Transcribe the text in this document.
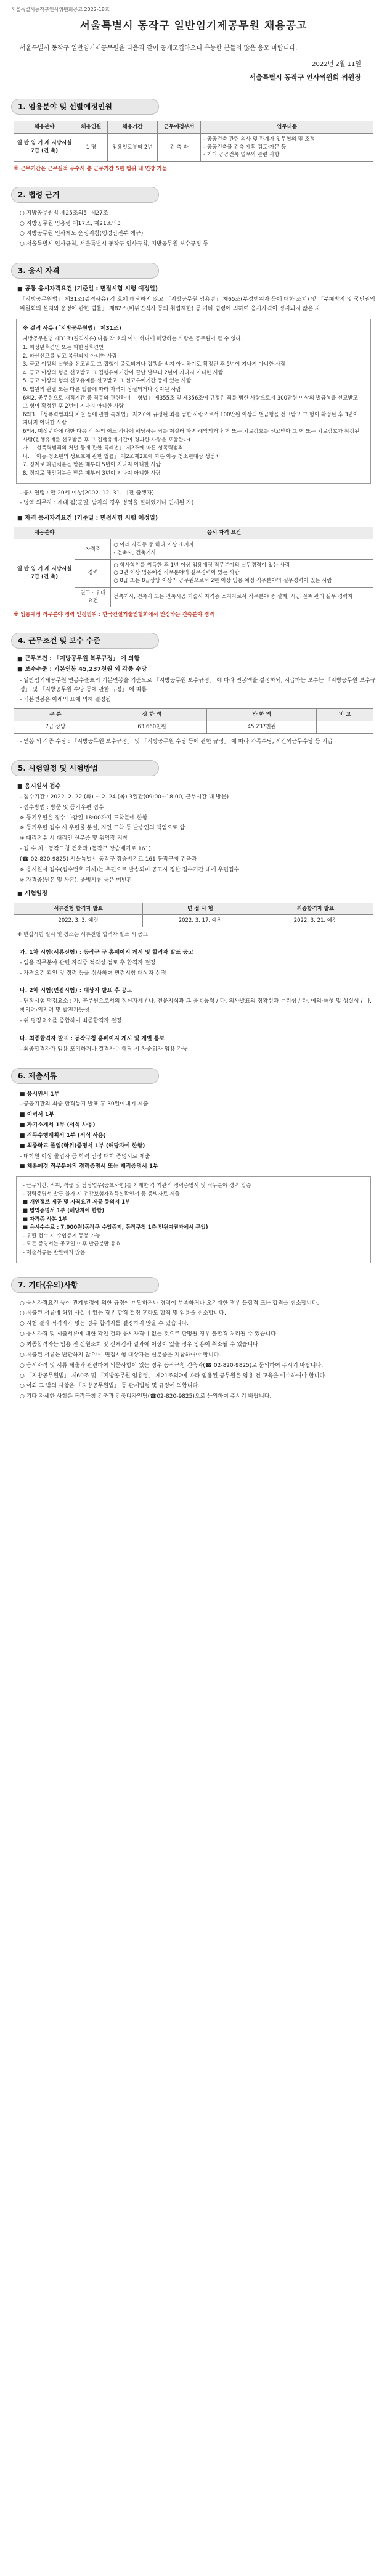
서울특별시동작구인사위원회공고 2022-18호
서울특별시 동작구 일반임기제공무원 채용공고

서울특별시 동작구 일반임기제공무원을 다음과 같이 공개모집하오니 유능한 분들의 많은 응모 바랍니다.

2022년 2월 11일
서울특별시 동작구 인사위원회 위원장
1. 임용분야 및 선발예정인원
채용분야	채용인원	채용기간	근무예정부서	업무내용
일 반 임 기 제 지방시설7급 (건 축)	1 명	임용일로부터 2년	건 축 과	- 공공건축 관련 의사 및 관계자 업무협의 및 조정
- 공공건축물 건축 계획 검토·자문 등
- 기타 공공건축 업무와 관련 사항
※ 근무기간은 근무실적 우수시 총 근무기간 5년 범위 내 연장 가능
2. 법령 근거
○ 지방공무원법 제25조의5, 제27조
○ 지방공무원 임용령 제17조, 제21조의3
○ 지방공무원 인사제도 운영지침(행정안전부 예규)
○ 서울특별시 인사규칙, 서울특별시 동작구 인사규칙, 지방공무원 보수규정 등
3. 응시 자격
■ 공통 응시자격요건 (기준일 : 면접시험 시행 예정일)

「지방공무원법」 제31조(결격사유) 각 호에 해당하지 않고 「지방공무원 임용령」 제65조(부정행위자 등에 대한 조치) 및 「부패방지 및 국민권익위원회의 설치와 운영에 관한 법률」 제82조(비위면직자 등의 취업제한) 등 기타 법령에 의하여 응시자격이 정지되지 않은 자

※ 결격 사유 (「지방공무원법」 제31조)
지방공무원법 제31조(결격사유) 다음 각 호의 어느 하나에 해당하는 사람은 공무원이 될 수 없다.
1. 피성년후견인 또는 피한정후견인
2. 파산선고를 받고 복권되지 아니한 사람
3. 금고 이상의 실형을 선고받고 그 집행이 종료되거나 집행을 받지 아니하기로 확정된 후 5년이 지나지 아니한 사람
4. 금고 이상의 형을 선고받고 그 집행유예기간이 끝난 날부터 2년이 지나지 아니한 사람
5. 금고 이상의 형의 선고유예를 선고받고 그 선고유예기간 중에 있는 사람
6. 법원의 판결 또는 다른 법률에 따라 자격이 상실되거나 정지된 사람
6의2. 공무원으로 재직기간 중 직무와 관련하여 「형법」 제355조 및 제356조에 규정된 죄를 범한 사람으로서 300만원 이상의 벌금형을 선고받고 그 형이 확정된 후 2년이 지나지 아니한 사람
6의3. 「성폭력범죄의 처벌 등에 관한 특례법」 제2조에 규정된 죄를 범한 사람으로서 100만원 이상의 벌금형을 선고받고 그 형이 확정된 후 3년이 지나지 아니한 사람
6의4. 미성년자에 대한 다음 각 목의 어느 하나에 해당하는 죄를 저질러 파면·해임되거나 형 또는 치료감호를 선고받아 그 형 또는 치료감호가 확정된 사람(집행유예를 선고받은 후 그 집행유예기간이 경과한 사람을 포함한다)
가. 「성폭력범죄의 처벌 등에 관한 특례법」 제2조에 따른 성폭력범죄
나. 「아동·청소년의 성보호에 관한 법률」 제2조제2호에 따른 아동·청소년대상 성범죄
7. 징계로 파면처분을 받은 때부터 5년이 지나지 아니한 사람
8. 징계로 해임처분을 받은 때부터 3년이 지나지 아니한 사람

- 응시연령 : 만 20세 이상(2002. 12. 31. 이전 출생자)

- 병역 의무자 : 제대 됨(군필, 남자의 경우 병역을 필하였거나 면제된 자)

■ 자격 응시자격요건 (기준일 : 면접시험 시행 예정일)
채용분야	응시 자격 요건	
일 반 임 기 제 지방시설7급 (건 축)	자격증	○ 아래 자격증 중 하나 이상 소지자
- 건축사, 건축기사
	경력	○ 학사학위를 취득한 후 1년 이상 임용예정 직무분야의 실무경력이 있는 사람
○ 3년 이상 임용예정 직무분야의 실무경력이 있는 사람
○ 8급 또는 8급상당 이상의 공무원으로서 2년 이상 임용 예정 직무분야의 실무경력이 있는 사람
	연구 · 우대 요건	건축기사, 건축사 또는 건축시공 기술사 자격증 소지자로서 직무분야 중 설계, 시공 전축 관리 실무 경력자
※ 임용예정 직무분야 경력 인정범위 : 한국건설기술인협회에서 인정하는 건축분야 경력
4. 근무조건 및 보수 수준
■ 근무조건 : 「지방공무원 복무규정」 에 의함
■ 보수수준 : 기본연봉 45,237천원 외 각종 수당

- 일반임기제공무원 연봉수준표의 기본연봉을 기준으로 「지방공무원 보수규정」 에 따라 연봉액을 결정하되, 지급하는 보수는 「지방공무원 보수규정」 및 「지방공무원 수당 등에 관한 규정」 에 따름

- 기본연봉은 아래의 표에 의해 결정됨

구 분	상 한 액	하 한 액	비 고
7급 상당	63,660천원	45,237천원	

- 연봉 외 각종 수당 : 「지방공무원 보수규정」 및 「지방공무원 수당 등에 관한 규정」 에 따라 가족수당, 시간외근무수당 등 지급

5. 시험일정 및 시험방법
■ 응시원서 접수

- 접수기간 : 2022. 2. 22.(화) ~ 2. 24.(목) 3일간(09:00~18:00, 근무시간 내 방문)

- 접수방법 : 방문 및 등기우편 접수

※ 등기우편은 접수 마감일 18:00까지 도착분에 한함

※ 등기우편 접수 시 우편물 분실, 지연 도착 등 발송인의 책임으로 함

※ 대리접수 시 대리인 신분증 및 위임장 지참

- 접 수 처 : 동작구청 건축과 (동작구 장승배기로 161)

(☎ 02-820-9825) 서울특별시 동작구 장승배기로 161 동작구청 건축과

※ 응시원서 접수(접수번호 기재)는 우편으로 발송되며 공고시 정한 접수기간 내에 우편접수

※ 자격증(원본 및 사본), 증빙서류 등은 미반환

■ 시험일정
서류전형 합격자 발표	면 접 시 험	최종합격자 발표
2022. 3. 3. 예정	2022. 3. 17. 예정	2022. 3. 21. 예정
※ 면접시험 일시 및 장소는 서류전형 합격자 발표 시 공고

가. 1차 시험(서류전형) : 동작구 구 홈페이지 게시 및 합격자 발표 공고

- 임용 직무분야 관련 자격증 적격성 검토 후 합격자 결정

- 자격요건 확인 및 경력 등을 심사하여 면접시험 대상자 선정

나. 2차 시험(면접시험) : 대상자 발표 후 공고

- 면접시험 평정요소 : 가. 공무원으로서의 정신자세 / 나. 전문지식과 그 응용능력 / 다. 의사발표의 정확성과 논리성 / 라. 예의·품행 및 성실성 / 마. 창의력·의지력 및 발전가능성

- 위 평정요소를 종합하여 최종합격자 결정

다. 최종합격자 발표 : 동작구청 홈페이지 게시 및 개별 통보

- 최종합격자가 임용 포기하거나 결격사유 해당 시 차순위자 임용 가능

6. 제출서류

■ 응시원서 1부

- 공공기관의 최종 합격통지 발표 후 30일이내에 제출

■ 이력서 1부

■ 자기소개서 1부 (서식 사용)

■ 직무수행계획서 1부 (서식 사용)

■ 최종학교 졸업(학위)증명서 1부 (해당자에 한함)

- 대학원 이상 졸업자 등 학력 인정 대학 증명서로 제출

■ 채용예정 직무분야의 경력증명서 또는 재직증명서 1부

- 근무기간, 직위, 직급 및 담당업무(중요사항)를 기재한 각 기관의 경력증명서 및 직무분야 경력 입증
- 경력증명서 발급 불가 시 건강보험자격득실확인서 등 증빙자료 제출
■ 개인정보 제공 및 자격요건 제공 동의서 1부
■ 병역증명서 1부 (해당자에 한함)
■ 자격증 사본 1부
■ 응시수수료 : 7,000원(동작구 수입증지, 동작구청 1층 민원여권과에서 구입)
- 우편 접수 시 수입증지 동봉 가능
- 모든 증명서는 공고일 이후 발급분만 유효
- 제출서류는 반환하지 않음
7. 기타(유의)사항

○ 응시자격요건 등이 관계법령에 의한 규정에 미달하거나 경력이 부족하거나 오기재한 경우 불합격 또는 합격을 취소합니다.

○ 제출된 서류에 허위 사실이 있는 경우 합격 결정 후라도 합격 및 임용을 취소합니다.

○ 시험 결과 적격자가 없는 경우 합격자를 결정하지 않을 수 있습니다.

○ 응시자격 및 제출서류에 대한 확인 결과 응시자격이 없는 것으로 판명될 경우 불합격 처리될 수 있습니다.

○ 최종합격자는 임용 전 신원조회 및 신체검사 결과에 이상이 있을 경우 임용이 취소될 수 있습니다.

○ 제출된 서류는 반환하지 않으며, 면접시험 대상자는 신분증을 지참하여야 합니다.

○ 응시자격 및 서류 제출과 관련하여 의문사항이 있는 경우 동작구청 건축과(☎ 02-820-9825)로 문의하여 주시기 바랍니다.

○ 「지방공무원법」 제60조 및 「지방공무원 임용령」 제21조의2에 따라 임용된 공무원은 임용 전 교육을 이수하여야 합니다.

○ 이외 그 밖의 사항은 「지방공무원법」 등 관계법령 및 규정에 의합니다.

○ 기타 자세한 사항은 동작구청 건축과 건축디자인팀(☎02-820-9825)으로 문의하여 주시기 바랍니다.
